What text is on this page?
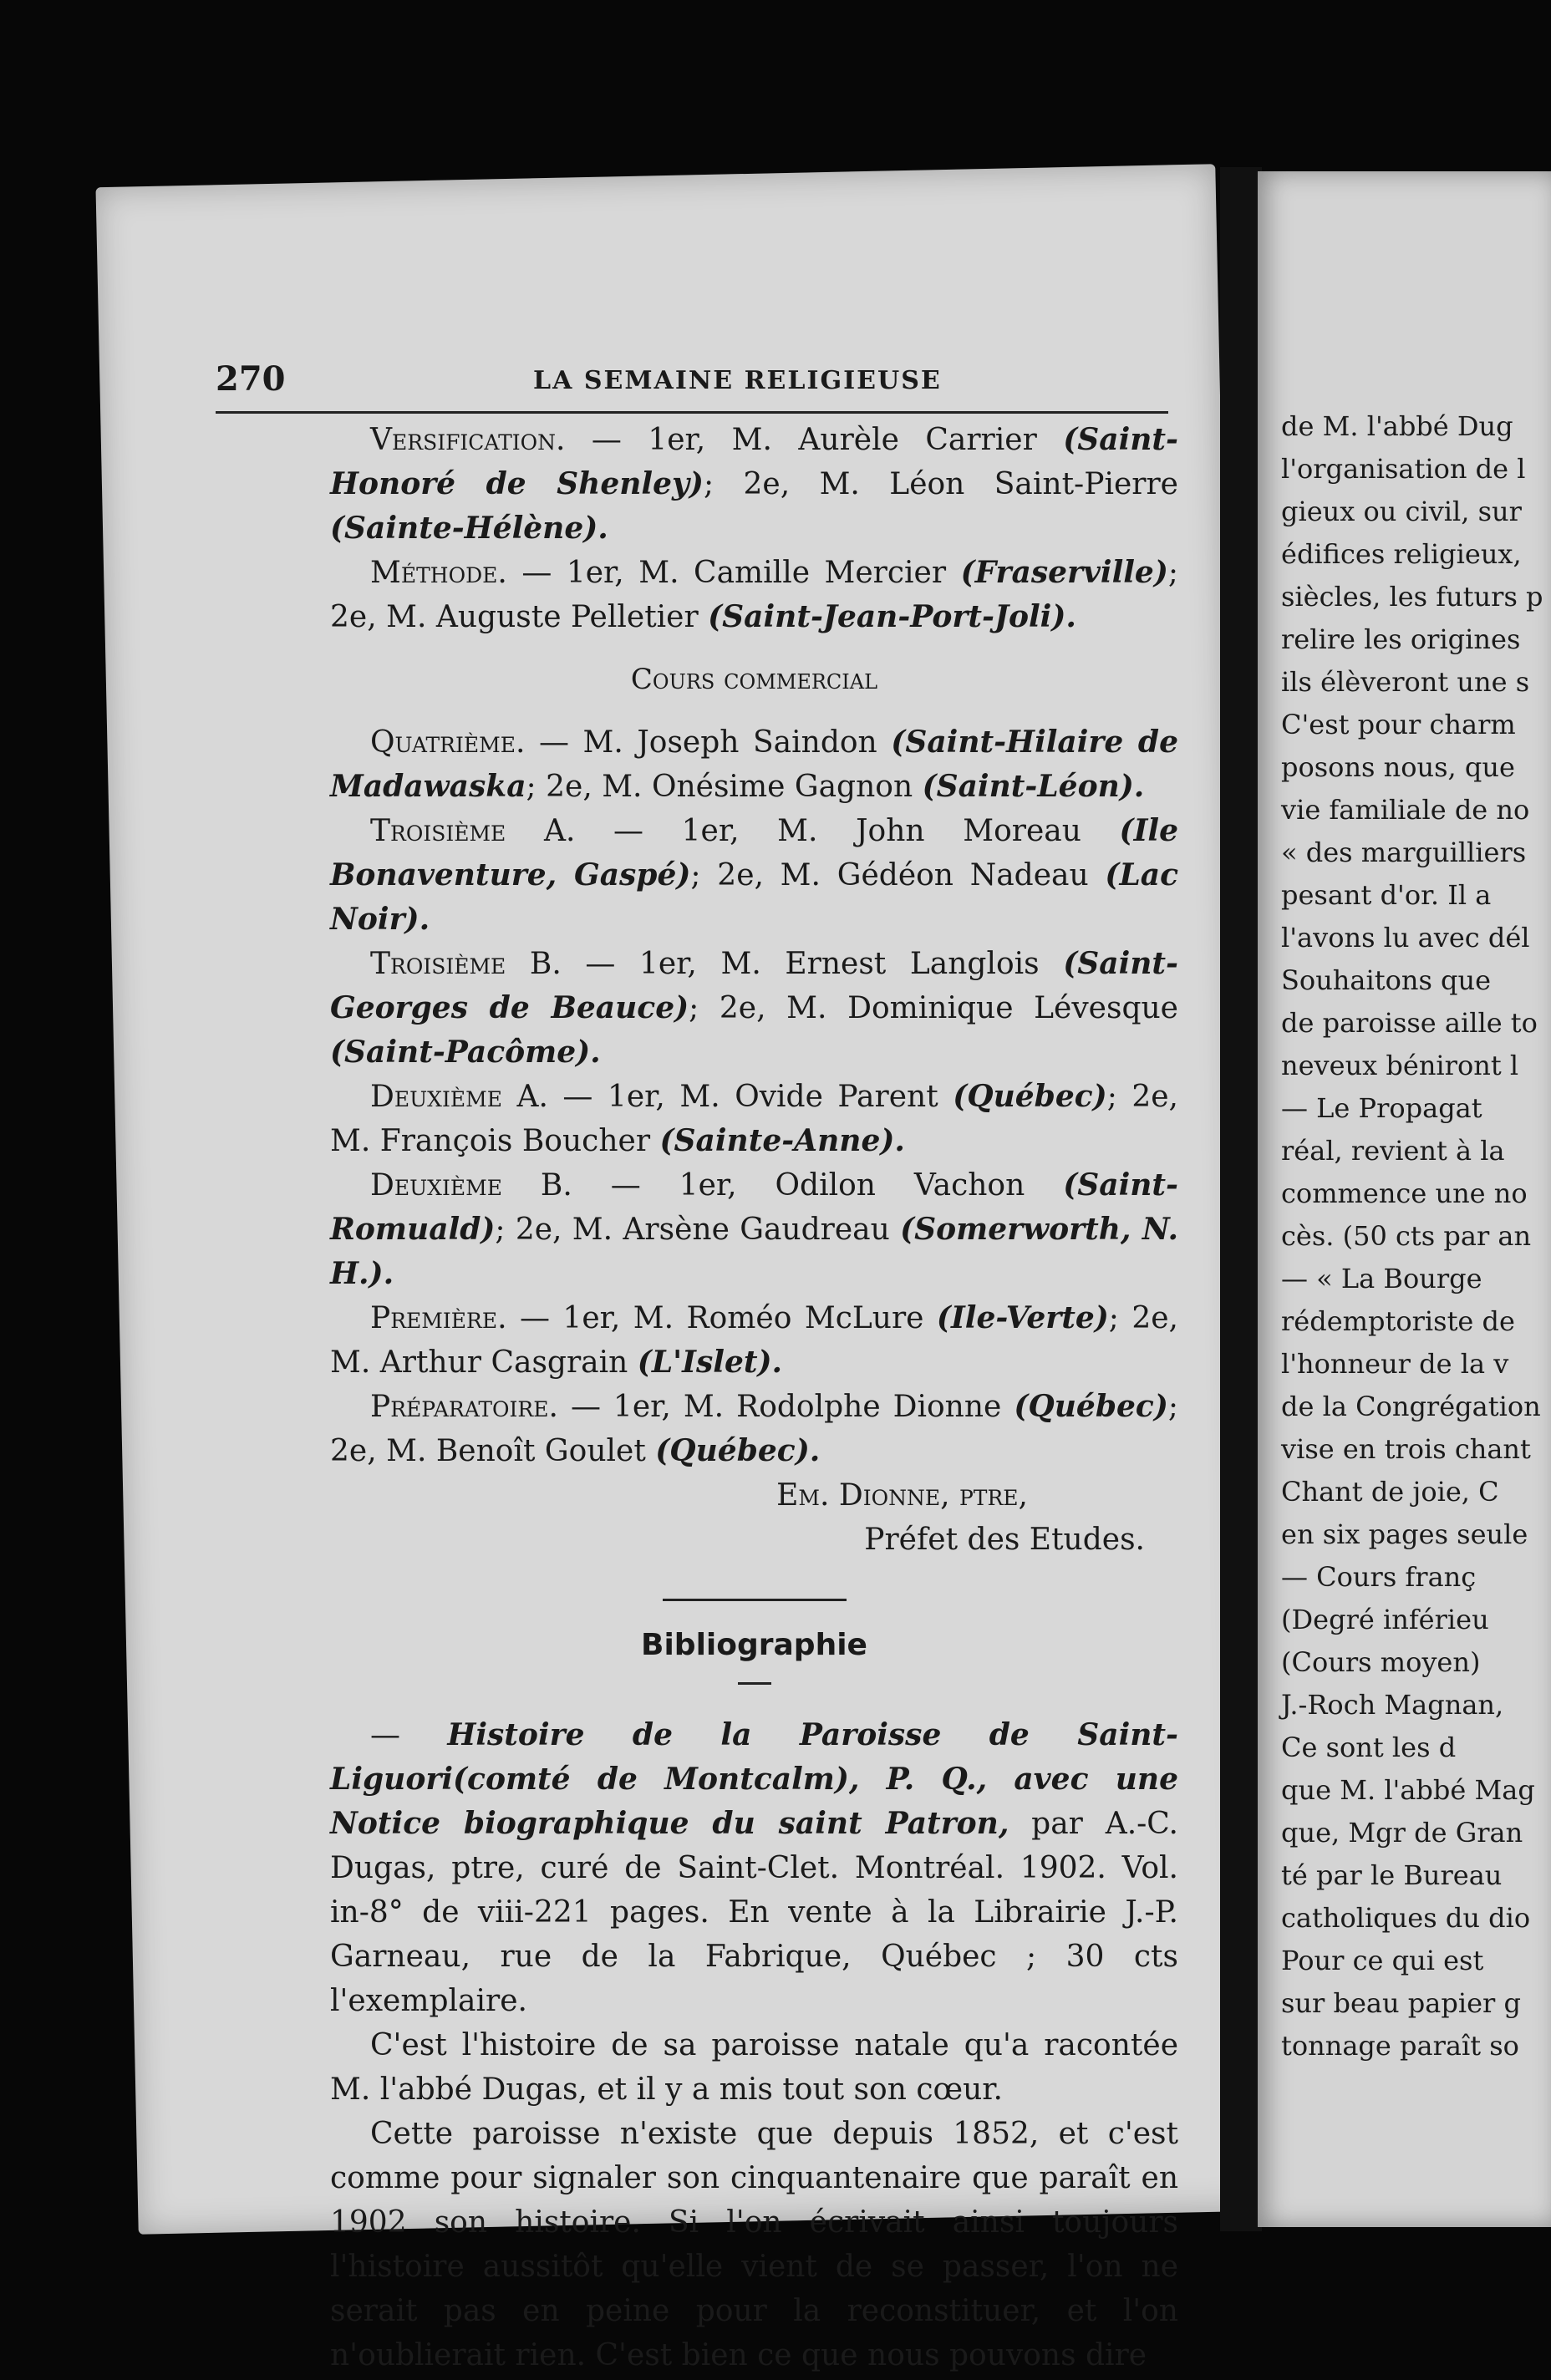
de M. l'abbé Dug
l'organisation de l
gieux ou civil, sur
édifices religieux,
siècles, les futurs p
relire les origines
ils élèveront une s
C'est pour charm
posons nous, que
vie familiale de no
« des marguilliers
pesant d'or. Il a
l'avons lu avec dél
Souhaitons que
de paroisse aille to
neveux béniront l
— Le Propagat
réal, revient à la
commence une no
cès. (50 cts par an
— « La Bourge
rédemptoriste de
l'honneur de la v
de la Congrégation
vise en trois chant
Chant de joie, C
en six pages seule
— Cours franç
(Degré inférieu
(Cours moyen)
J.-Roch Magnan,
Ce sont les d
que M. l'abbé Mag
que, Mgr de Gran
té par le Bureau
catholiques du dio
Pour ce qui est
sur beau papier g
tonnage paraît so
270	LA SEMAINE RELIGIEUSE

Versification. — 1er, M. Aurèle Carrier (Saint-Honoré de Shenley); 2e, M. Léon Saint-Pierre (Sainte-Hélène).

Méthode. — 1er, M. Camille Mercier (Fraserville); 2e, M. Auguste Pelletier (Saint-Jean-Port-Joli).

Cours commercial

Quatrième. — M. Joseph Saindon (Saint-Hilaire de Madawaska; 2e, M. Onésime Gagnon (Saint-Léon).

Troisième A. — 1er, M. John Moreau (Ile Bonaventure, Gaspé); 2e, M. Gédéon Nadeau (Lac Noir).

Troisième B. — 1er, M. Ernest Langlois (Saint-Georges de Beauce); 2e, M. Dominique Lévesque (Saint-Pacôme).

Deuxième A. — 1er, M. Ovide Parent (Québec); 2e, M. François Boucher (Sainte-Anne).

Deuxième B. — 1er, Odilon Vachon (Saint-Romuald); 2e, M. Arsène Gaudreau (Somerworth, N. H.).

Première. — 1er, M. Roméo McLure (Ile-Verte); 2e, M. Arthur Casgrain (L'Islet).

Préparatoire. — 1er, M. Rodolphe Dionne (Québec); 2e, M. Benoît Goulet (Québec).

Em. Dionne, ptre,

Préfet des Etudes.

Bibliographie

— Histoire de la Paroisse de Saint-Liguori(comté de Montcalm), P. Q., avec une Notice biographique du saint Patron, par A.-C. Dugas, ptre, curé de Saint-Clet. Montréal. 1902. Vol. in-8° de viii-221 pages. En vente à la Librairie J.-P. Garneau, rue de la Fabrique, Québec ; 30 cts l'exemplaire.

C'est l'histoire de sa paroisse natale qu'a racontée M. l'abbé Dugas, et il y a mis tout son cœur.

Cette paroisse n'existe que depuis 1852, et c'est comme pour signaler son cinquantenaire que paraît en 1902 son histoire. Si l'on écrivait ainsi toujours l'histoire aussitôt qu'elle vient de se passer, l'on ne serait pas en peine pour la reconstituer, et l'on n'oublierait rien. C'est bien ce que nous pouvons dire
